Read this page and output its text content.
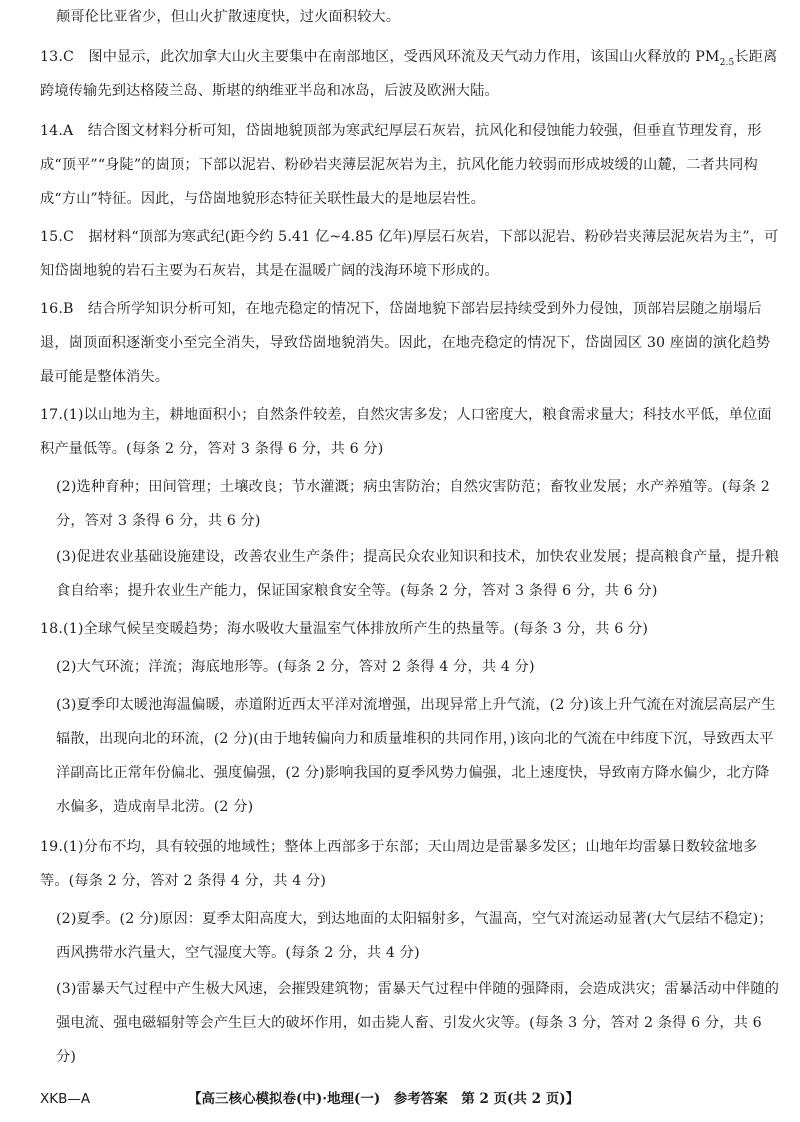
颠哥伦比亚省少，但山火扩散速度快，过火面积较大。
13.C　图中显示，此次加拿大山火主要集中在南部地区，受西风环流及天气动力作用，该国山火释放的 $PM_{2.5}$长距离跨境传输先到达格陵兰岛、斯堪的纳维亚半岛和冰岛，后波及欧洲大陆。
14.A　结合图文材料分析可知，岱崮地貌顶部为寒武纪厚层石灰岩，抗风化和侵蚀能力较强，但垂直节理发育，形成“顶平”“身陡”的崮顶；下部以泥岩、粉砂岩夹薄层泥灰岩为主，抗风化能力较弱而形成坡缓的山麓，二者共同构成“方山”特征。因此，与岱崮地貌形态特征关联性最大的是地层岩性。
15.C　据材料“顶部为寒武纪(距今约 5.41 亿~4.85 亿年)厚层石灰岩，下部以泥岩、粉砂岩夹薄层泥灰岩为主”，可知岱崮地貌的岩石主要为石灰岩，其是在温暖广阔的浅海环境下形成的。
16.B　结合所学知识分析可知，在地壳稳定的情况下，岱崮地貌下部岩层持续受到外力侵蚀，顶部岩层随之崩塌后退，崮顶面积逐渐变小至完全消失，导致岱崮地貌消失。因此，在地壳稳定的情况下，岱崮园区 30 座崮的演化趋势最可能是整体消失。
17.(1)以山地为主，耕地面积小；自然条件较差，自然灾害多发；人口密度大，粮食需求量大；科技水平低，单位面积产量低等。(每条 2 分，答对 3 条得 6 分，共 6 分)
(2)选种育种；田间管理；土壤改良；节水灌溉；病虫害防治；自然灾害防范；畜牧业发展；水产养殖等。(每条 2 分，答对 3 条得 6 分，共 6 分)
(3)促进农业基础设施建设，改善农业生产条件；提高民众农业知识和技术，加快农业发展；提高粮食产量，提升粮食自给率；提升农业生产能力，保证国家粮食安全等。(每条 2 分，答对 3 条得 6 分，共 6 分)
18.(1)全球气候呈变暖趋势；海水吸收大量温室气体排放所产生的热量等。(每条 3 分，共 6 分)
(2)大气环流；洋流；海底地形等。(每条 2 分，答对 2 条得 4 分，共 4 分)
(3)夏季印太暖池海温偏暖，赤道附近西太平洋对流增强，出现异常上升气流，(2 分)该上升气流在对流层高层产生辐散，出现向北的环流，(2 分)(由于地转偏向力和质量堆积的共同作用，)该向北的气流在中纬度下沉，导致西太平洋副高比正常年份偏北、强度偏强，(2 分)影响我国的夏季风势力偏强，北上速度快，导致南方降水偏少，北方降水偏多，造成南旱北涝。(2 分)
19.(1)分布不均，具有较强的地域性；整体上西部多于东部；天山周边是雷暴多发区；山地年均雷暴日数较盆地多等。(每条 2 分，答对 2 条得 4 分，共 4 分)
(2)夏季。(2 分)原因：夏季太阳高度大，到达地面的太阳辐射多，气温高，空气对流运动显著(大气层结不稳定)；西风携带水汽量大，空气湿度大等。(每条 2 分，共 4 分)
(3)雷暴天气过程中产生极大风速，会摧毁建筑物；雷暴天气过程中伴随的强降雨，会造成洪灾；雷暴活动中伴随的强电流、强电磁辐射等会产生巨大的破坏作用，如击毙人畜、引发火灾等。(每条 3 分，答对 2 条得 6 分，共 6 分)
XKB—A	【高三核心模拟卷(中)·地理(一)　参考答案　第 2 页(共 2 页)】
